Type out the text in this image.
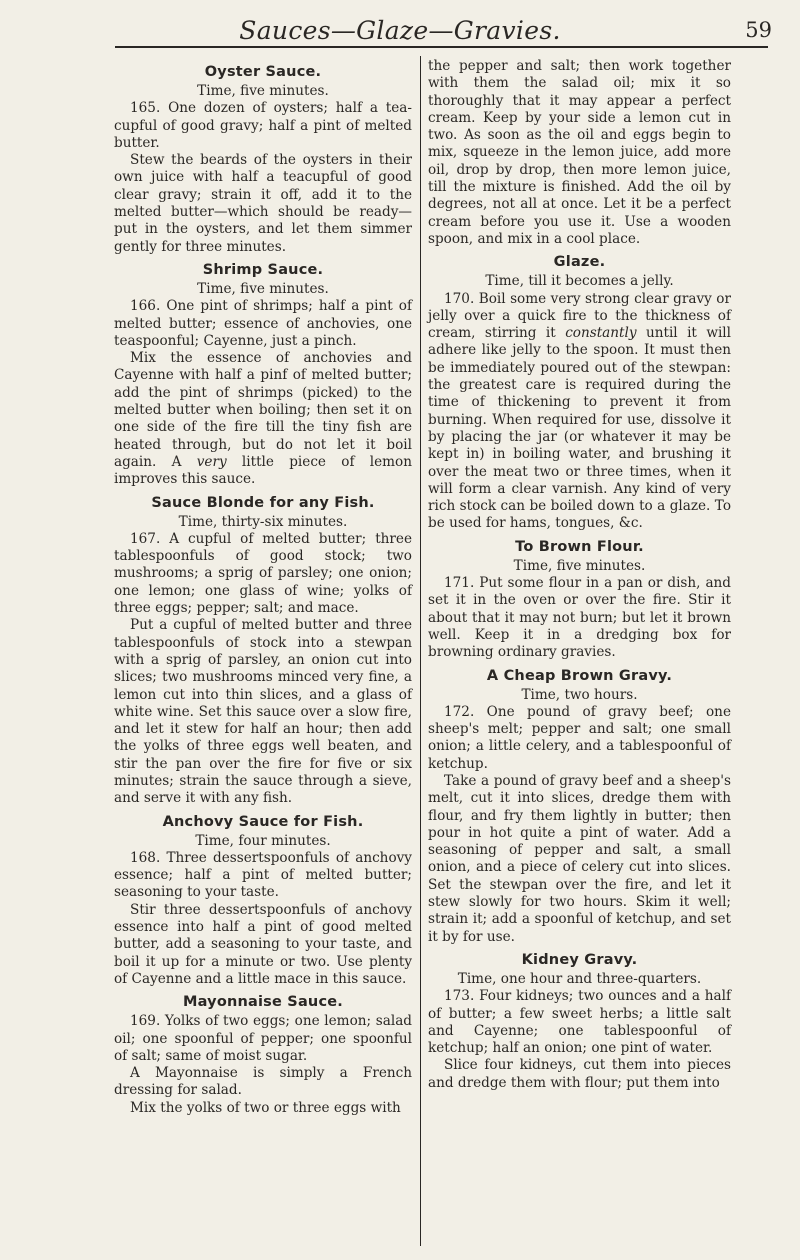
Sauces—Glaze—Gravies.	59
Oyster Sauce.
Time, five minutes.

165. One dozen of oysters; half a tea-cupful of good gravy; half a pint of melted butter.

Stew the beards of the oysters in their own juice with half a teacupful of good clear gravy; strain it off, add it to the melted butter—which should be ready—put in the oysters, and let them simmer gently for three minutes.

Shrimp Sauce.
Time, five minutes.

166. One pint of shrimps; half a pint of melted butter; essence of anchovies, one teaspoonful; Cayenne, just a pinch.

Mix the essence of anchovies and Cayenne with half a pinf of melted butter; add the pint of shrimps (picked) to the melted butter when boiling; then set it on one side of the fire till the tiny fish are heated through, but do not let it boil again. A very little piece of lemon improves this sauce.

Sauce Blonde for any Fish.
Time, thirty-six minutes.

167. A cupful of melted butter; three tablespoonfuls of good stock; two mushrooms; a sprig of parsley; one onion; one lemon; one glass of wine; yolks of three eggs; pepper; salt; and mace.

Put a cupful of melted butter and three tablespoonfuls of stock into a stewpan with a sprig of parsley, an onion cut into slices; two mushrooms minced very fine, a lemon cut into thin slices, and a glass of white wine. Set this sauce over a slow fire, and let it stew for half an hour; then add the yolks of three eggs well beaten, and stir the pan over the fire for five or six minutes; strain the sauce through a sieve, and serve it with any fish.

Anchovy Sauce for Fish.
Time, four minutes.

168. Three dessertspoonfuls of anchovy essence; half a pint of melted butter; seasoning to your taste.

Stir three dessertspoonfuls of anchovy essence into half a pint of good melted butter, add a seasoning to your taste, and boil it up for a minute or two. Use plenty of Cayenne and a little mace in this sauce.

Mayonnaise Sauce.

169. Yolks of two eggs; one lemon; salad oil; one spoonful of pepper; one spoonful of salt; same of moist sugar.

A Mayonnaise is simply a French dressing for salad.

Mix the yolks of two or three eggs with

the pepper and salt; then work together with them the salad oil; mix it so thoroughly that it may appear a perfect cream. Keep by your side a lemon cut in two. As soon as the oil and eggs begin to mix, squeeze in the lemon juice, add more oil, drop by drop, then more lemon juice, till the mixture is finished. Add the oil by degrees, not all at once. Let it be a perfect cream before you use it. Use a wooden spoon, and mix in a cool place.

Glaze.
Time, till it becomes a jelly.

170. Boil some very strong clear gravy or jelly over a quick fire to the thickness of cream, stirring it constantly until it will adhere like jelly to the spoon. It must then be immediately poured out of the stewpan: the greatest care is required during the time of thickening to prevent it from burning. When required for use, dissolve it by placing the jar (or whatever it may be kept in) in boiling water, and brushing it over the meat two or three times, when it will form a clear varnish. Any kind of very rich stock can be boiled down to a glaze. To be used for hams, tongues, &c.

To Brown Flour.
Time, five minutes.

171. Put some flour in a pan or dish, and set it in the oven or over the fire. Stir it about that it may not burn; but let it brown well. Keep it in a dredging box for browning ordinary gravies.

A Cheap Brown Gravy.
Time, two hours.

172. One pound of gravy beef; one sheep's melt; pepper and salt; one small onion; a little celery, and a tablespoonful of ketchup.

Take a pound of gravy beef and a sheep's melt, cut it into slices, dredge them with flour, and fry them lightly in butter; then pour in hot quite a pint of water. Add a seasoning of pepper and salt, a small onion, and a piece of celery cut into slices. Set the stewpan over the fire, and let it stew slowly for two hours. Skim it well; strain it; add a spoonful of ketchup, and set it by for use.

Kidney Gravy.
Time, one hour and three-quarters.

173. Four kidneys; two ounces and a half of butter; a few sweet herbs; a little salt and Cayenne; one tablespoonful of ketchup; half an onion; one pint of water.

Slice four kidneys, cut them into pieces and dredge them with flour; put them into
